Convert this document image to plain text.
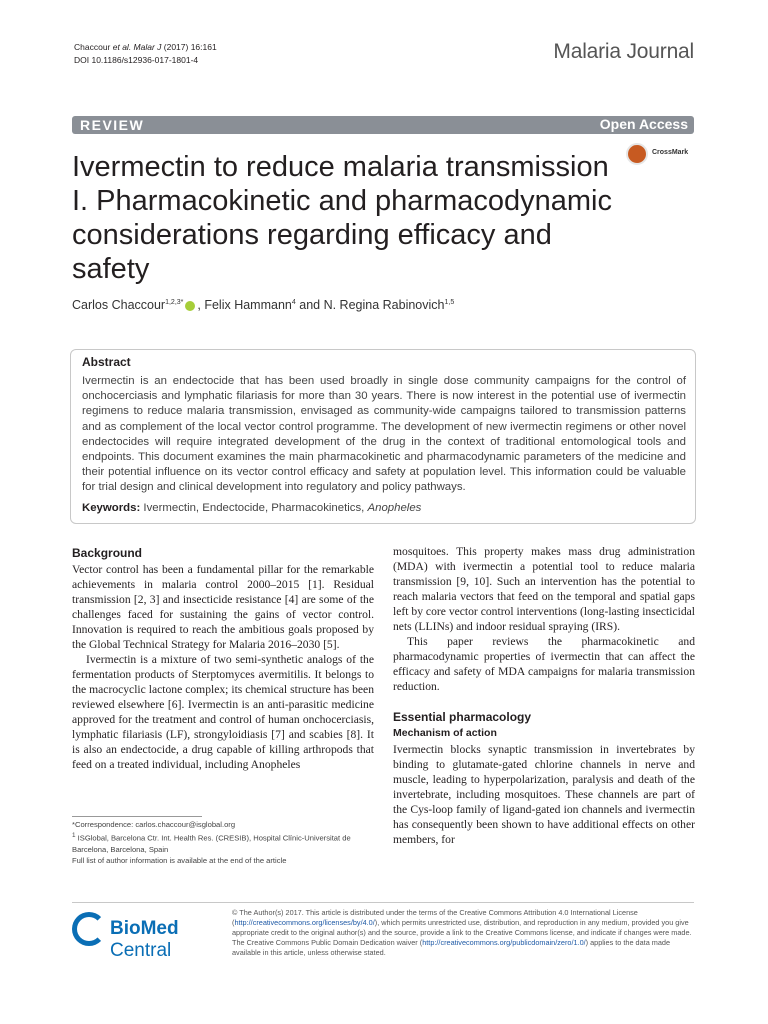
Chaccour et al. Malar J (2017) 16:161
DOI 10.1186/s12936-017-1801-4	Malaria Journal
REVIEW	Open Access
Ivermectin to reduce malaria transmission I. Pharmacokinetic and pharmacodynamic considerations regarding efficacy and safety
CrossMark
Carlos Chaccour$^{1,2,3*}$ , Felix Hammann$^4$ and N. Regina Rabinovich$^{1,5}$
Abstract
Ivermectin is an endectocide that has been used broadly in single dose community campaigns for the control of onchocerciasis and lymphatic filariasis for more than 30 years. There is now interest in the potential use of ivermectin regimens to reduce malaria transmission, envisaged as community-wide campaigns tailored to transmission patterns and as complement of the local vector control programme. The development of new ivermectin regimens or other novel endectocides will require integrated development of the drug in the context of traditional entomological tools and endpoints. This document examines the main pharmacokinetic and pharmacodynamic parameters of the medicine and their potential influence on its vector control efficacy and safety at population level. This information could be valuable for trial design and clinical development into regulatory and policy pathways.
Keywords: Ivermectin, Endectocide, Pharmacokinetics, Anopheles
Background

Vector control has been a fundamental pillar for the remarkable achievements in malaria control 2000–2015 [1]. Residual transmission [2, 3] and insecticide resistance [4] are some of the challenges faced for sustaining the gains of vector control. Innovation is required to reach the ambitious goals proposed by the Global Technical Strategy for Malaria 2016–2030 [5].

Ivermectin is a mixture of two semi-synthetic analogs of the fermentation products of Sterptomyces avermitilis. It belongs to the macrocyclic lactone complex; its chemical structure has been reviewed elsewhere [6]. Ivermectin is an anti-parasitic medicine approved for the treatment and control of human onchocerciasis, lymphatic filariasis (LF), strongyloidiasis [7] and scabies [8]. It is also an endectocide, a drug capable of killing arthropods that feed on a treated individual, including Anopheles

mosquitoes. This property makes mass drug administration (MDA) with ivermectin a potential tool to reduce malaria transmission [9, 10]. Such an intervention has the potential to reach malaria vectors that feed on the temporal and spatial gaps left by core vector control interventions (long-lasting insecticidal nets (LLINs) and indoor residual spraying (IRS).

This paper reviews the pharmacokinetic and pharmacodynamic properties of ivermectin that can affect the efficacy and safety of MDA campaigns for malaria transmission reduction.

Essential pharmacology
Mechanism of action

Ivermectin blocks synaptic transmission in invertebrates by binding to glutamate-gated chlorine channels in nerve and muscle, leading to hyperpolarization, paralysis and death of the invertebrate, including mosquitoes. These channels are part of the Cys-loop family of ligand-gated ion channels and ivermectin has consequently been shown to have additional effects on other members, for

*Correspondence: carlos.chaccour@isglobal.org
$^1$ ISGlobal, Barcelona Ctr. Int. Health Res. (CRESIB), Hospital Clínic-Universitat de Barcelona, Barcelona, Spain
Full list of author information is available at the end of the article
BioMed Central
© The Author(s) 2017. This article is distributed under the terms of the Creative Commons Attribution 4.0 International License (http://creativecommons.org/licenses/by/4.0/), which permits unrestricted use, distribution, and reproduction in any medium, provided you give appropriate credit to the original author(s) and the source, provide a link to the Creative Commons license, and indicate if changes were made. The Creative Commons Public Domain Dedication waiver (http://creativecommons.org/publicdomain/zero/1.0/) applies to the data made available in this article, unless otherwise stated.
